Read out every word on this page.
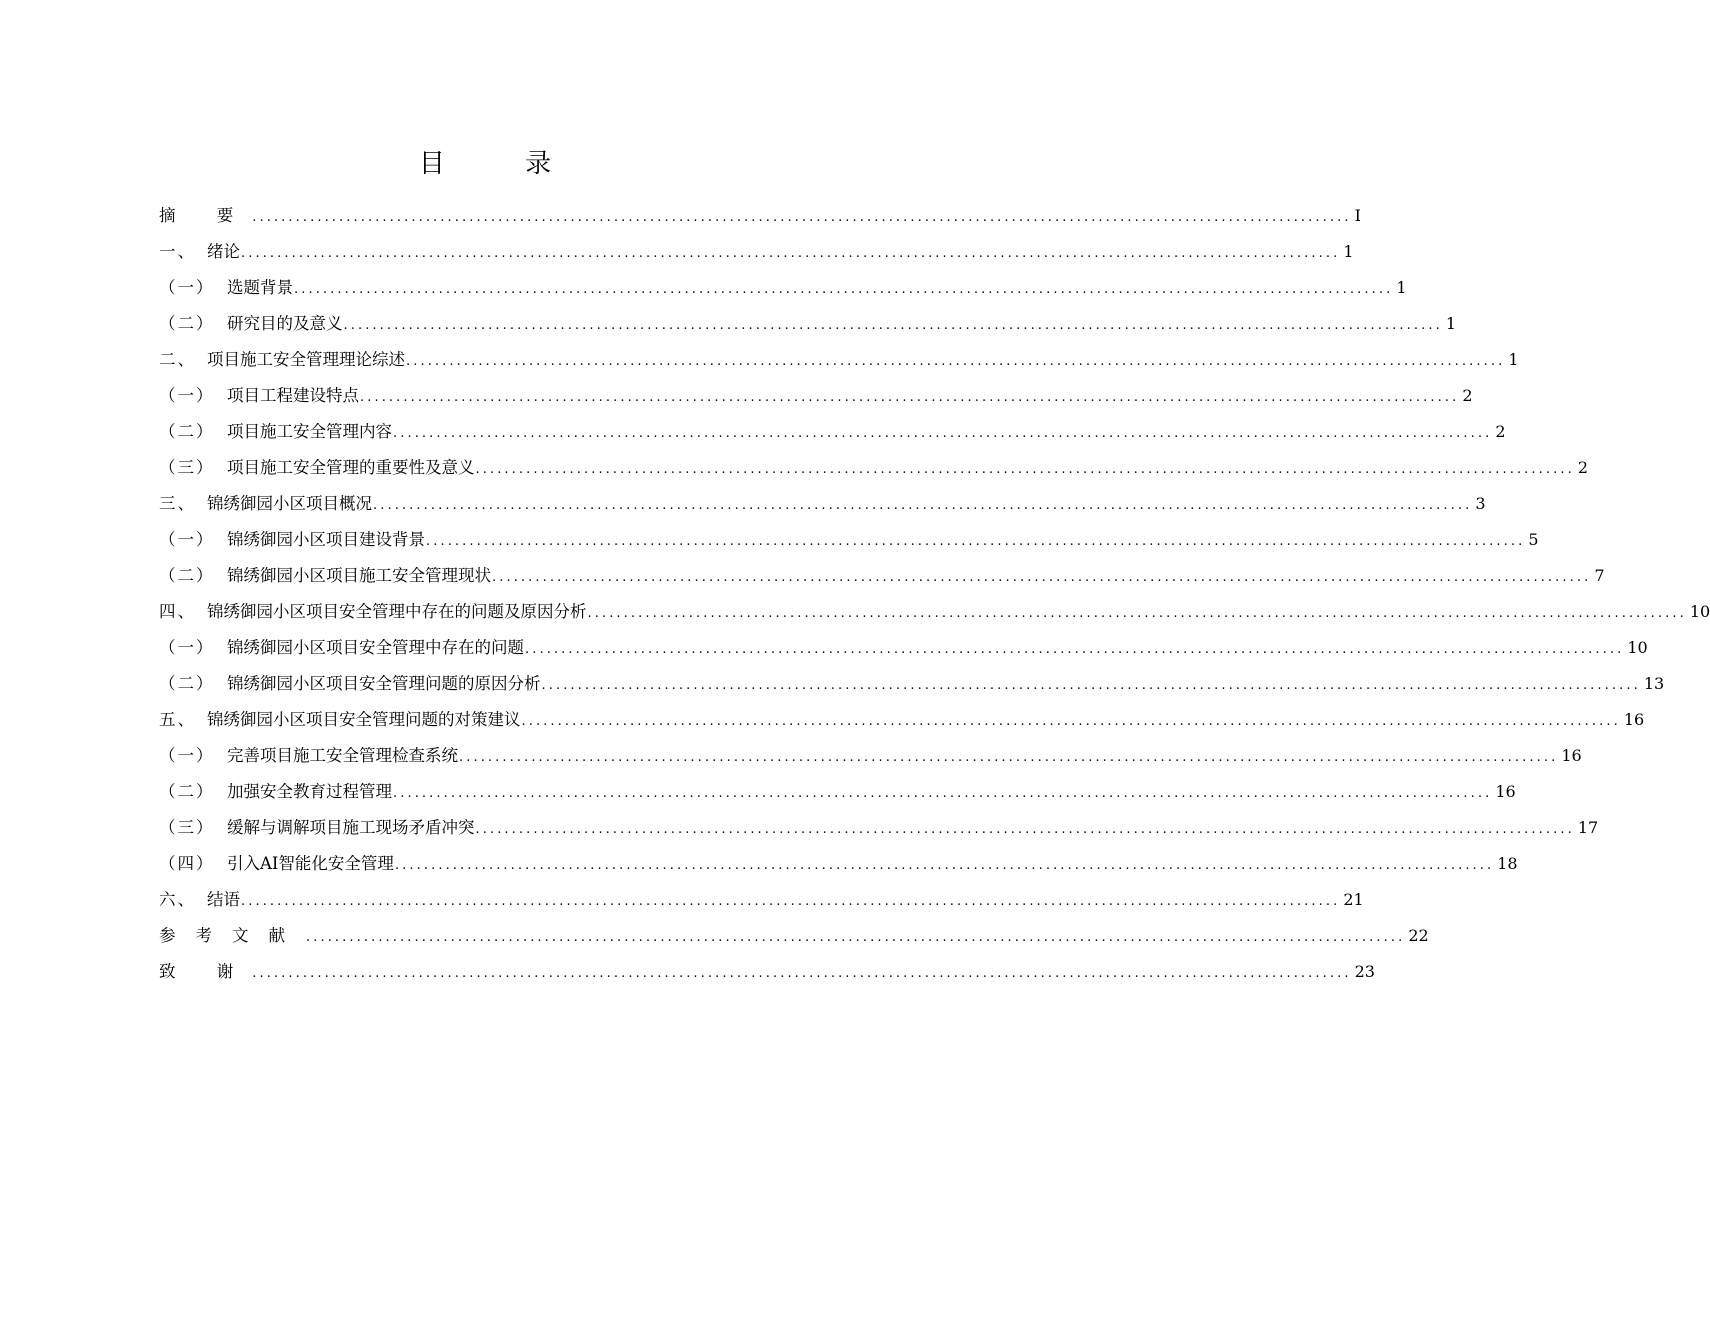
目 录
摘 要 ........................................................................................................................................................ I
一、 绪论 ........................................................................................................................................................ 1
（一） 选题背景 ........................................................................................................................................................ 1
（二） 研究目的及意义 ........................................................................................................................................................ 1
二、 项目施工安全管理理论综述 ........................................................................................................................................................ 1
（一） 项目工程建设特点 ........................................................................................................................................................ 2
（二） 项目施工安全管理内容 ........................................................................................................................................................ 2
（三） 项目施工安全管理的重要性及意义 ........................................................................................................................................................ 2
三、 锦绣御园小区项目概况 ........................................................................................................................................................ 3
（一） 锦绣御园小区项目建设背景 ........................................................................................................................................................ 5
（二） 锦绣御园小区项目施工安全管理现状 ........................................................................................................................................................ 7
四、 锦绣御园小区项目安全管理中存在的问题及原因分析 ........................................................................................................................................................ 10
（一） 锦绣御园小区项目安全管理中存在的问题 ........................................................................................................................................................ 10
（二） 锦绣御园小区项目安全管理问题的原因分析 ........................................................................................................................................................ 13
五、 锦绣御园小区项目安全管理问题的对策建议 ........................................................................................................................................................ 16
（一） 完善项目施工安全管理检查系统 ........................................................................................................................................................ 16
（二） 加强安全教育过程管理 ........................................................................................................................................................ 16
（三） 缓解与调解项目施工现场矛盾冲突 ........................................................................................................................................................ 17
（四） 引入AI智能化安全管理 ........................................................................................................................................................ 18
六、 结语 ........................................................................................................................................................ 21
参考文献 ........................................................................................................................................................ 22
致 谢 ........................................................................................................................................................ 23
